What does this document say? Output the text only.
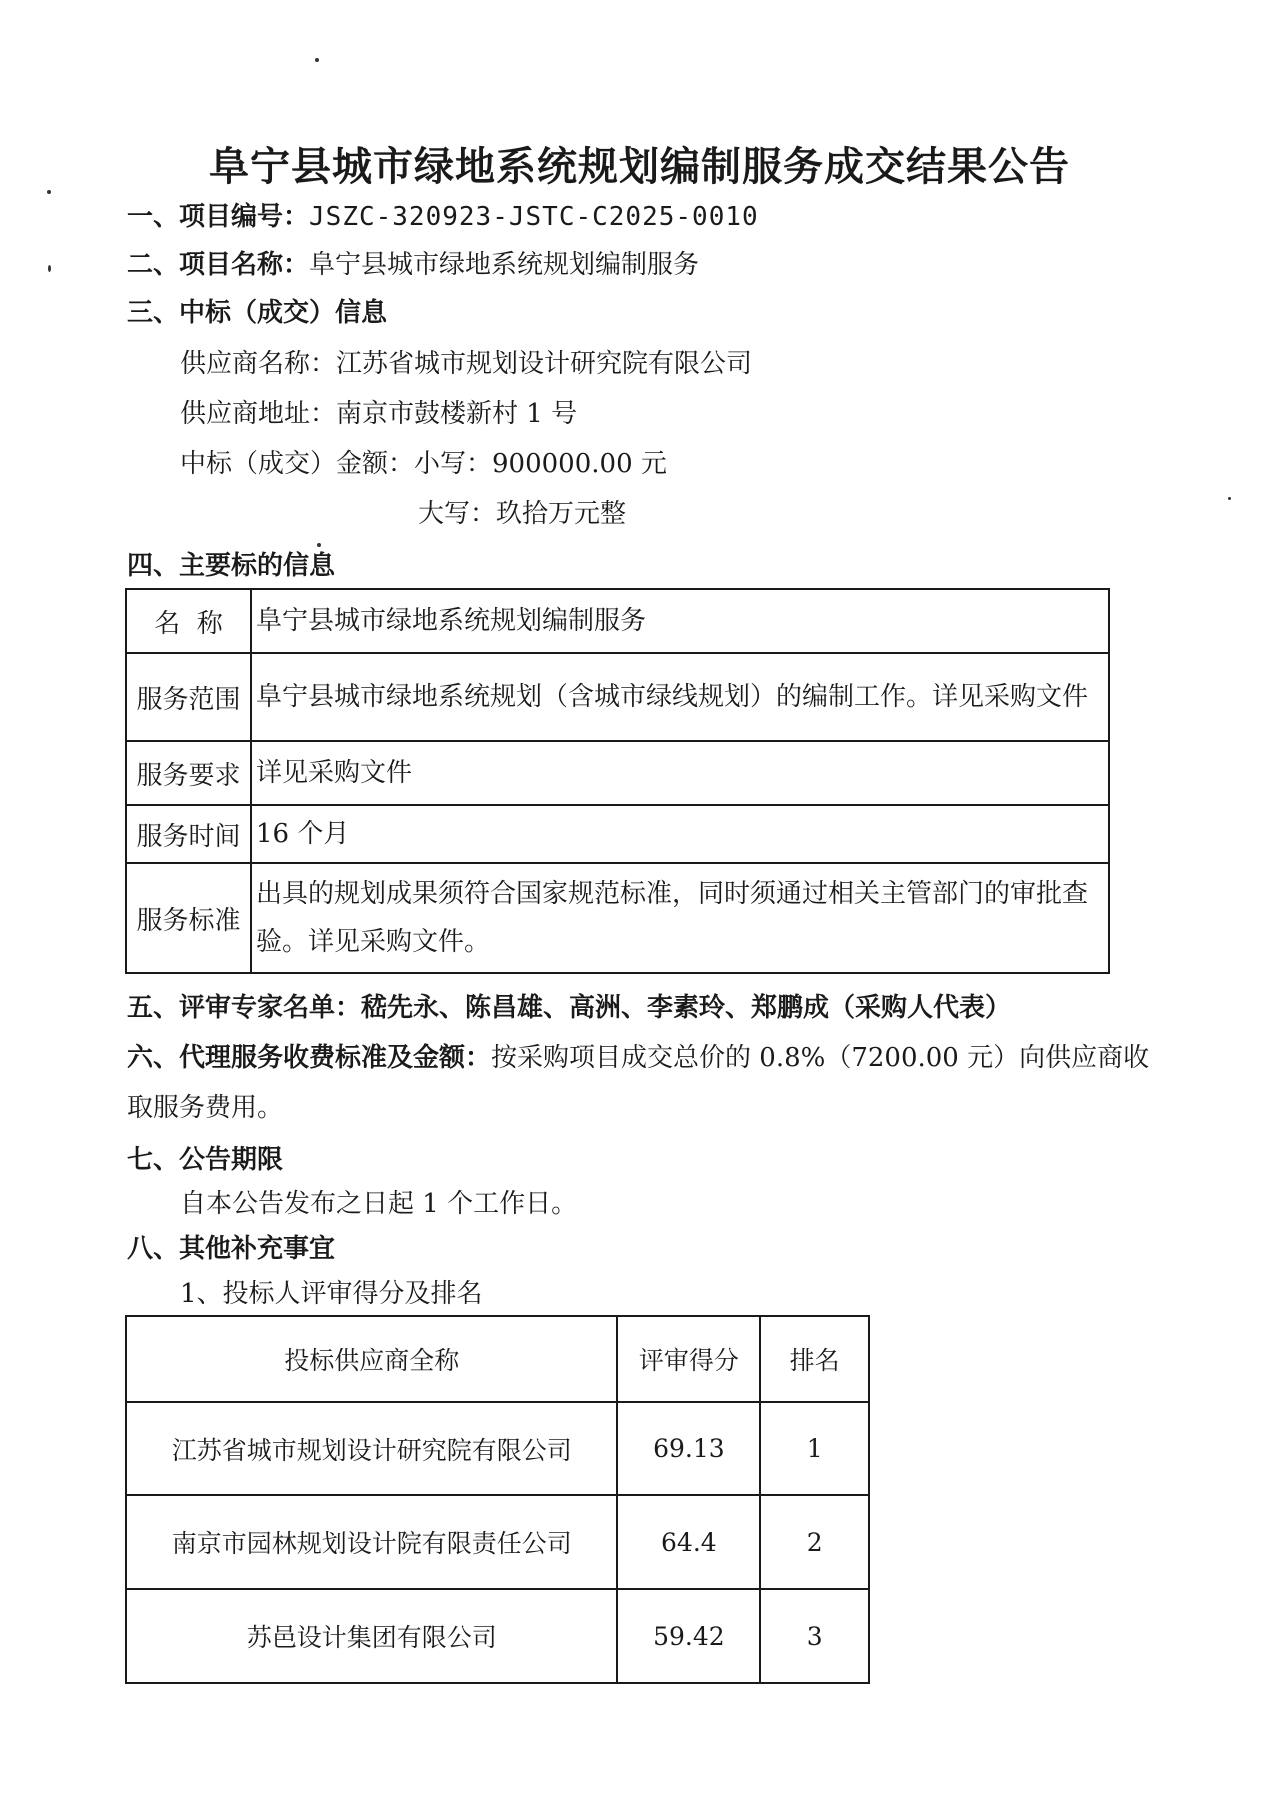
阜宁县城市绿地系统规划编制服务成交结果公告
一、项目编号：JSZC-320923-JSTC-C2025-0010
二、项目名称：阜宁县城市绿地系统规划编制服务
三、中标（成交）信息
供应商名称：江苏省城市规划设计研究院有限公司
供应商地址：南京市鼓楼新村 1 号
中标（成交）金额：小写：900000.00 元
大写：玖拾万元整
四、主要标的信息
名  称	阜宁县城市绿地系统规划编制服务
服务范围	阜宁县城市绿地系统规划（含城市绿线规划）的编制工作。详见采购文件
服务要求	详见采购文件
服务时间	16 个月
服务标准	出具的规划成果须符合国家规范标准，同时须通过相关主管部门的审批查验。详见采购文件。
五、评审专家名单：嵇先永、陈昌雄、高洲、李素玲、郑鹏成（采购人代表）
六、代理服务收费标准及金额：按采购项目成交总价的 0.8%（7200.00 元）向供应商收
取服务费用。
七、公告期限
自本公告发布之日起 1 个工作日。
八、其他补充事宜
1、投标人评审得分及排名
投标供应商全称	评审得分	排名
江苏省城市规划设计研究院有限公司	69.13	1
南京市园林规划设计院有限责任公司	64.4	2
苏邑设计集团有限公司	59.42	3
